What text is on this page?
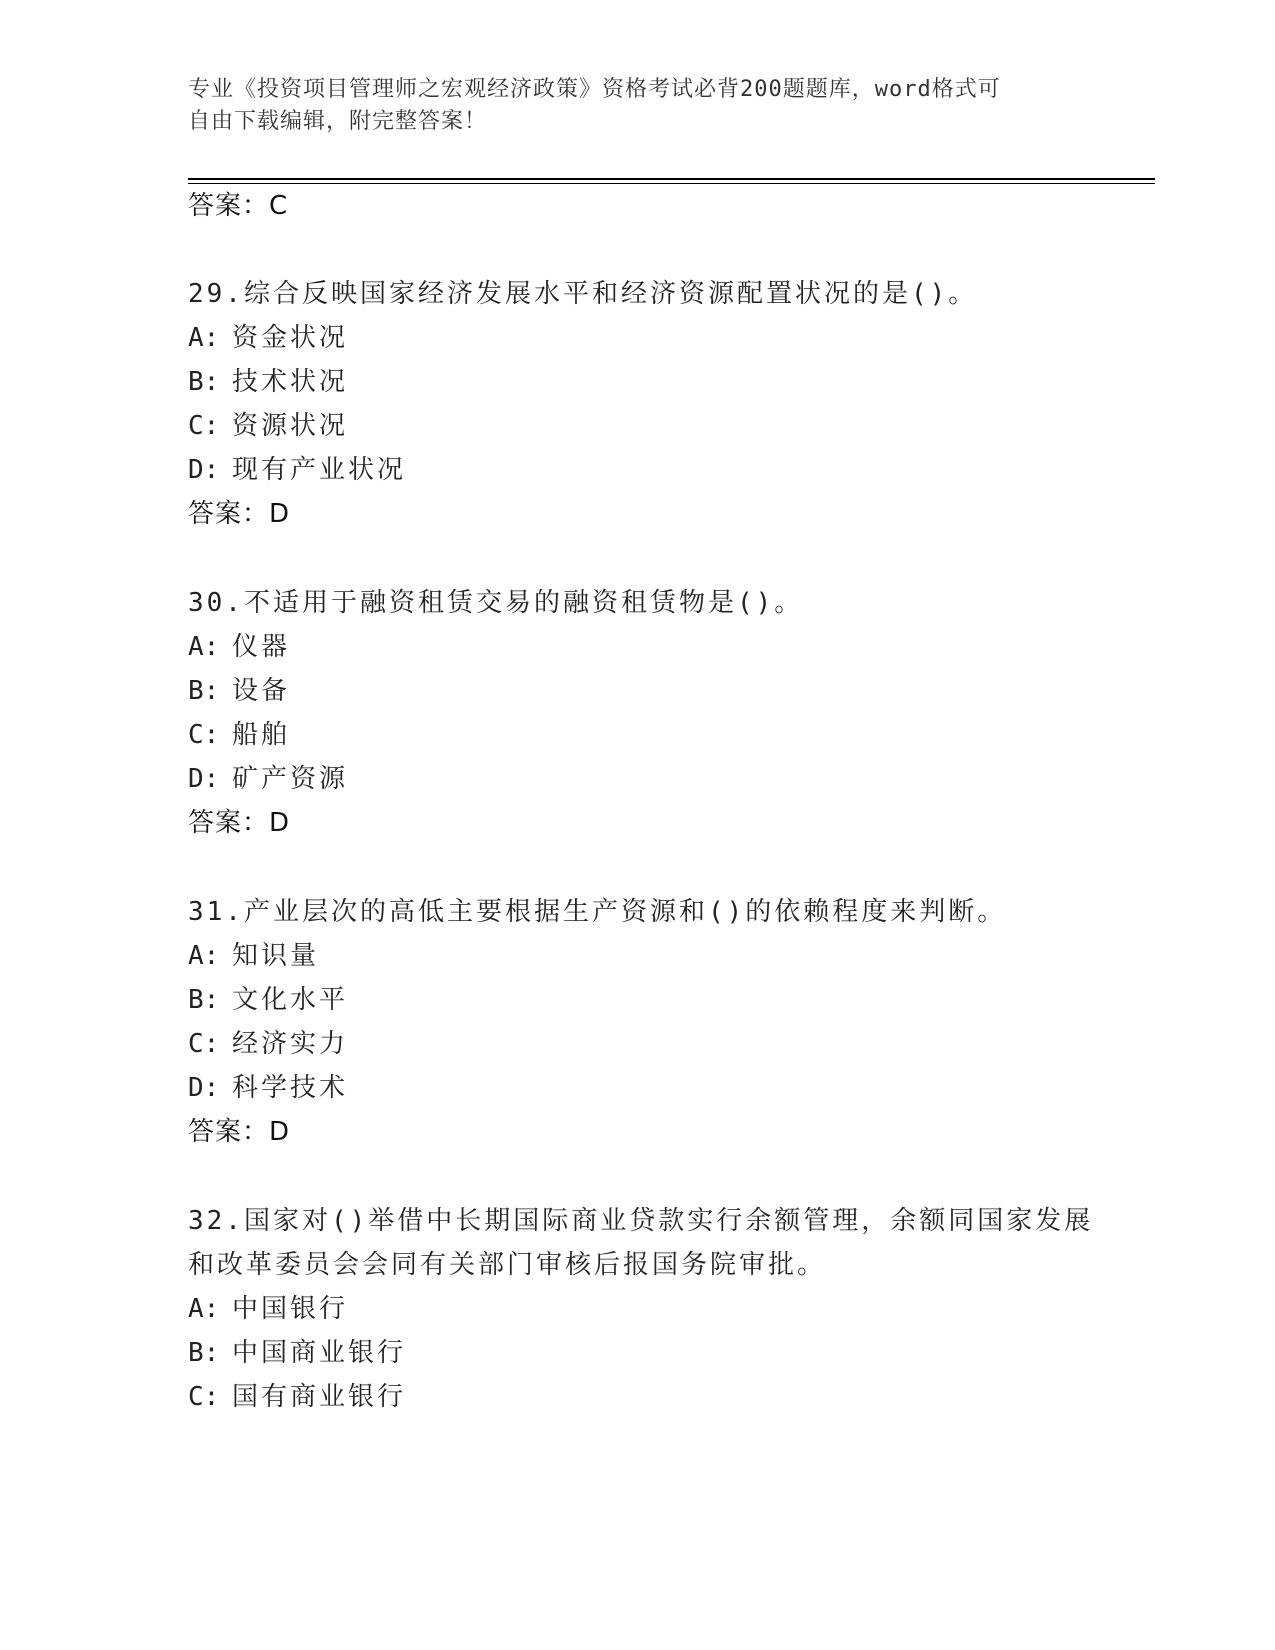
专业《投资项目管理师之宏观经济政策》资格考试必背200题题库，word格式可
自由下载编辑，附完整答案！
答案：C
29.综合反映国家经济发展水平和经济资源配置状况的是()。
A: 资金状况
B: 技术状况
C: 资源状况
D: 现有产业状况
答案：D
30.不适用于融资租赁交易的融资租赁物是()。
A: 仪器
B: 设备
C: 船舶
D: 矿产资源
答案：D
31.产业层次的高低主要根据生产资源和()的依赖程度来判断。
A: 知识量
B: 文化水平
C: 经济实力
D: 科学技术
答案：D
32.国家对()举借中长期国际商业贷款实行余额管理，余额同国家发展
和改革委员会会同有关部门审核后报国务院审批。
A: 中国银行
B: 中国商业银行
C: 国有商业银行
